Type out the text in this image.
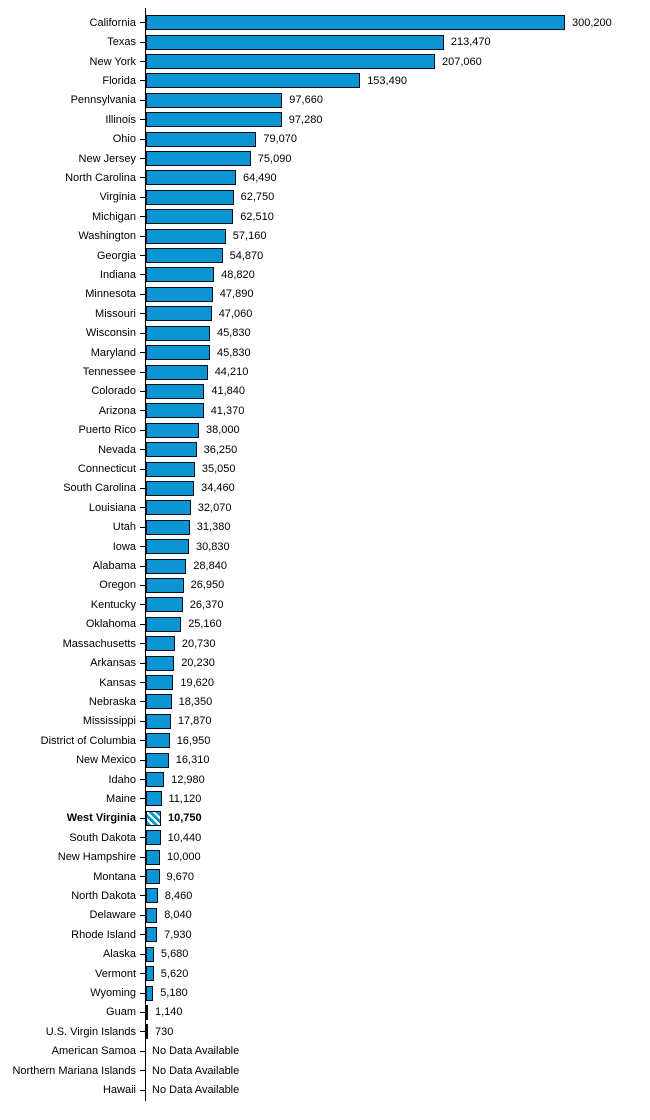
California	300,200
Texas	213,470
New York	207,060
Florida	153,490
Pennsylvania	97,660
Illinois	97,280
Ohio	79,070
New Jersey	75,090
North Carolina	64,490
Virginia	62,750
Michigan	62,510
Washington	57,160
Georgia	54,870
Indiana	48,820
Minnesota	47,890
Missouri	47,060
Wisconsin	45,830
Maryland	45,830
Tennessee	44,210
Colorado	41,840
Arizona	41,370
Puerto Rico	38,000
Nevada	36,250
Connecticut	35,050
South Carolina	34,460
Louisiana	32,070
Utah	31,380
Iowa	30,830
Alabama	28,840
Oregon	26,950
Kentucky	26,370
Oklahoma	25,160
Massachusetts	20,730
Arkansas	20,230
Kansas	19,620
Nebraska	18,350
Mississippi	17,870
District of Columbia	16,950
New Mexico	16,310
Idaho	12,980
Maine	11,120
West Virginia	10,750
South Dakota	10,440
New Hampshire	10,000
Montana	9,670
North Dakota	8,460
Delaware	8,040
Rhode Island	7,930
Alaska 5,680
Vermont 5,620
Wyoming 5,180
Guam 1,140
U.S. Virgin Islands 730
American Samoa No Data Available
Northern Mariana Islands No Data Available
Hawaii No Data Available
